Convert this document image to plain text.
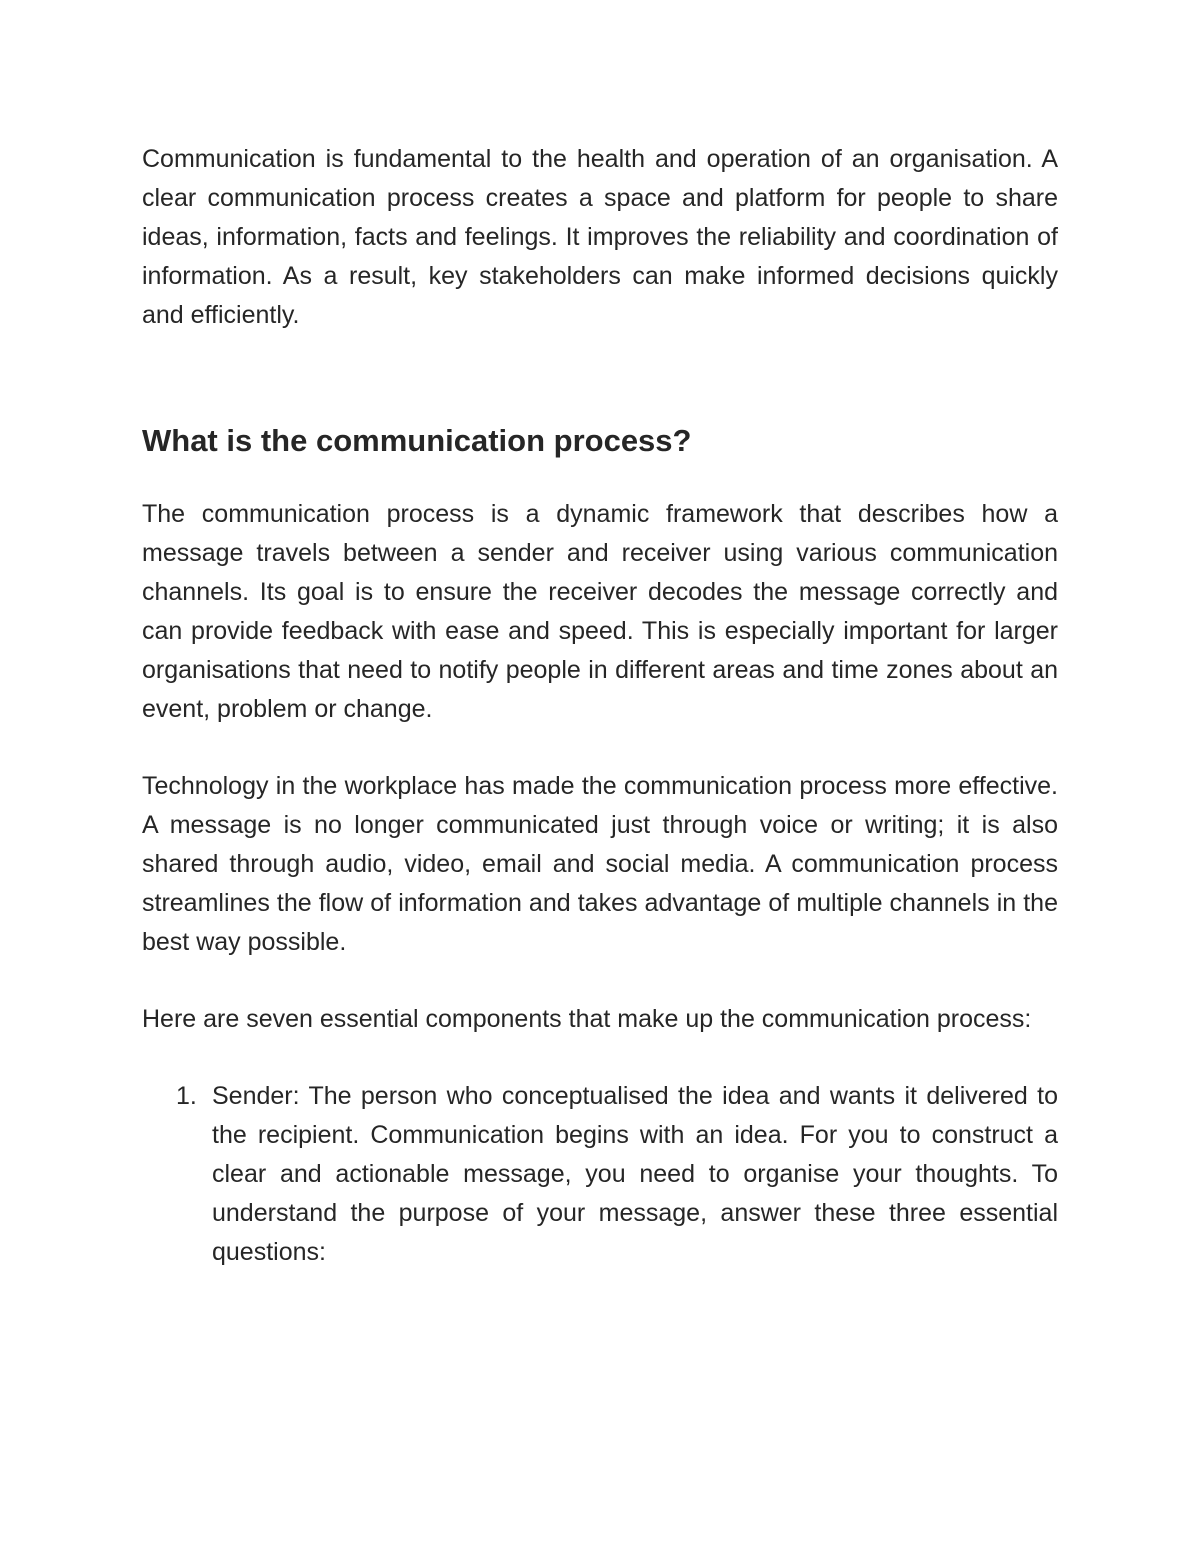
Communication is fundamental to the health and operation of an organisation. A clear communication process creates a space and platform for people to share ideas, information, facts and feelings. It improves the reliability and coordination of information. As a result, key stakeholders can make informed decisions quickly and efficiently.

What is the communication process?

The communication process is a dynamic framework that describes how a message travels between a sender and receiver using various communication channels. Its goal is to ensure the receiver decodes the message correctly and can provide feedback with ease and speed. This is especially important for larger organisations that need to notify people in different areas and time zones about an event, problem or change.

Technology in the workplace has made the communication process more effective. A message is no longer communicated just through voice or writing; it is also shared through audio, video, email and social media. A communication process streamlines the flow of information and takes advantage of multiple channels in the best way possible.

Here are seven essential components that make up the communication process:

1. Sender: The person who conceptualised the idea and wants it delivered to the recipient. Communication begins with an idea. For you to construct a clear and actionable message, you need to organise your thoughts. To understand the purpose of your message, answer these three essential questions:
